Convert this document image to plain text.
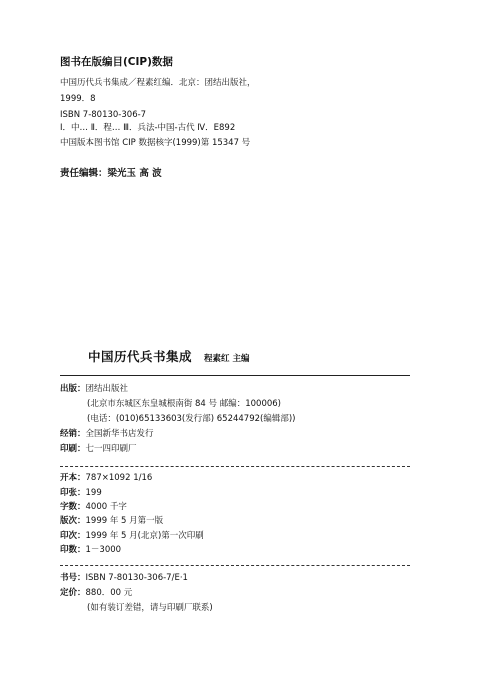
图书在版编目(CIP)数据
中国历代兵书集成／程素红编．北京：团结出版社，
1999．8
ISBN 7-80130-306-7
Ⅰ．中… Ⅱ．程… Ⅲ．兵法-中国-古代 Ⅳ．E892
中国版本图书馆 CIP 数据核字(1999)第 15347 号
责任编辑：梁光玉 高 波
中国历代兵书集成 程素红 主编
出版：团结出版社
(北京市东城区东皇城根南街 84 号 邮编：100006)
(电话：(010)65133603(发行部) 65244792(编辑部))
经销：全国新华书店发行
印刷：七一四印刷厂
开本：787×1092 1/16
印张：199
字数：4000 千字
版次：1999 年 5 月第一版
印次：1999 年 5 月(北京)第一次印刷
印数：1－3000
书号：ISBN 7-80130-306-7/E·1
定价：880．00 元
(如有装订差错，请与印刷厂联系)
